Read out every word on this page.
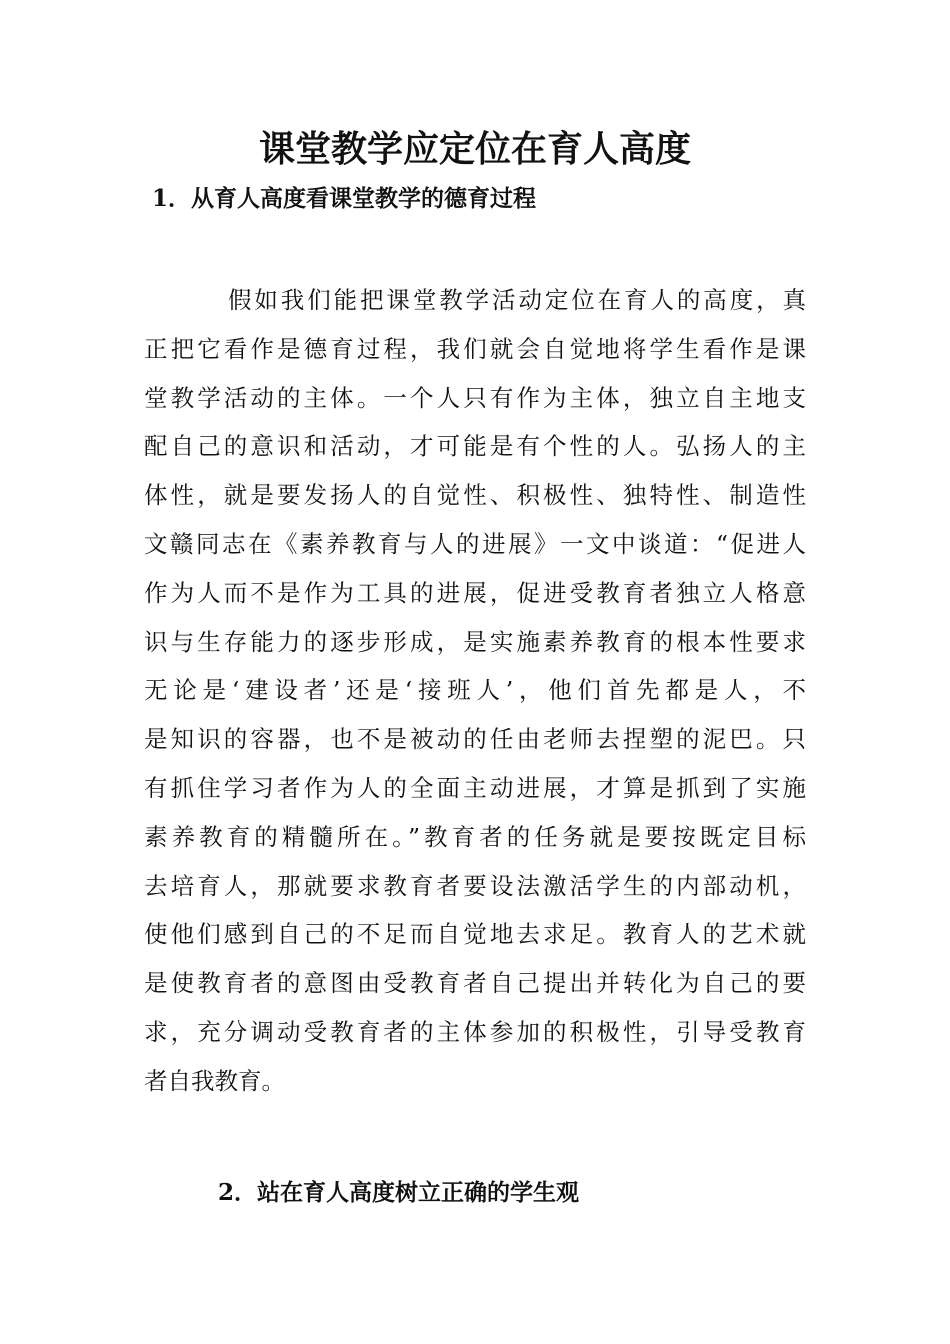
课堂教学应定位在育人高度
1．从育人高度看课堂教学的德育过程
假如我们能把课堂教学活动定位在育人的高度，真
正把它看作是德育过程，我们就会自觉地将学生看作是课
堂教学活动的主体。一个人只有作为主体，独立自主地支
配自己的意识和活动，才可能是有个性的人。弘扬人的主
体性，就是要发扬人的自觉性、积极性、独特性、制造性
文赣同志在《素养教育与人的进展》一文中谈道：“促进人
作为人而不是作为工具的进展，促进受教育者独立人格意
识与生存能力的逐步形成，是实施素养教育的根本性要求
无论是‘建设者’还是‘接班人’，他们首先都是人，不
是知识的容器，也不是被动的任由老师去捏塑的泥巴。只
有抓住学习者作为人的全面主动进展，才算是抓到了实施
素养教育的精髓所在。”教育者的任务就是要按既定目标
去培育人，那就要求教育者要设法激活学生的内部动机，
使他们感到自己的不足而自觉地去求足。教育人的艺术就
是使教育者的意图由受教育者自己提出并转化为自己的要
求，充分调动受教育者的主体参加的积极性，引导受教育
者自我教育。
2．站在育人高度树立正确的学生观
